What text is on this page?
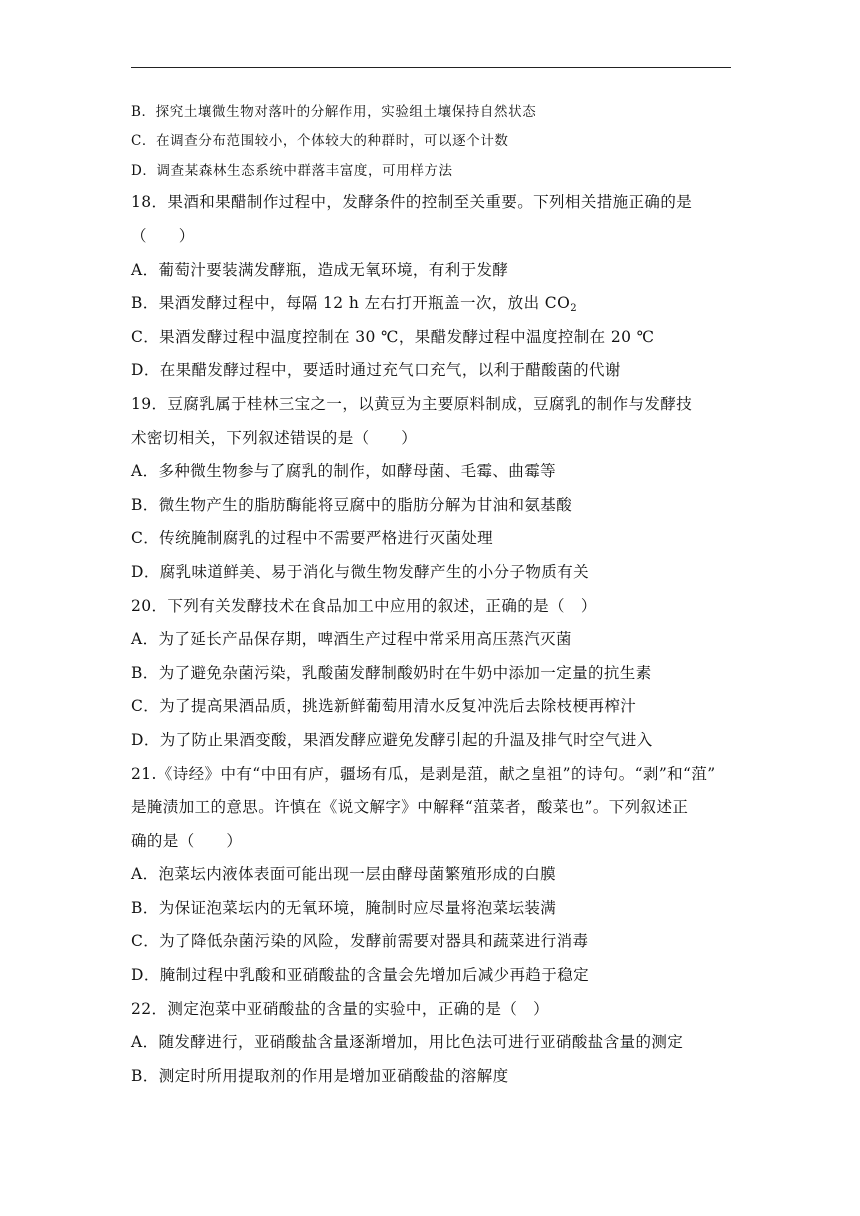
B．探究土壤微生物对落叶的分解作用，实验组土壤保持自然状态
C．在调查分布范围较小，个体较大的种群时，可以逐个计数
D．调查某森林生态系统中群落丰富度，可用样方法
18．果酒和果醋制作过程中，发酵条件的控制至关重要。下列相关措施正确的是
（　　）
A．葡萄汁要装满发酵瓶，造成无氧环境，有利于发酵
B．果酒发酵过程中，每隔 12 h 左右打开瓶盖一次，放出 $CO_2$
C．果酒发酵过程中温度控制在 30 ℃，果醋发酵过程中温度控制在 20 ℃
D．在果醋发酵过程中，要适时通过充气口充气，以利于醋酸菌的代谢
19．豆腐乳属于桂林三宝之一，以黄豆为主要原料制成，豆腐乳的制作与发酵技
术密切相关，下列叙述错误的是（　　）
A．多种微生物参与了腐乳的制作，如酵母菌、毛霉、曲霉等
B．微生物产生的脂肪酶能将豆腐中的脂肪分解为甘油和氨基酸
C．传统腌制腐乳的过程中不需要严格进行灭菌处理
D．腐乳味道鲜美、易于消化与微生物发酵产生的小分子物质有关
20．下列有关发酵技术在食品加工中应用的叙述，正确的是（　）
A．为了延长产品保存期，啤酒生产过程中常采用高压蒸汽灭菌
B．为了避免杂菌污染，乳酸菌发酵制酸奶时在牛奶中添加一定量的抗生素
C．为了提高果酒品质，挑选新鲜葡萄用清水反复冲洗后去除枝梗再榨汁
D．为了防止果酒变酸，果酒发酵应避免发酵引起的升温及排气时空气进入
21.《诗经》中有“中田有庐，疆场有瓜，是剥是菹，献之皇祖”的诗句。“剥”和“菹”
是腌渍加工的意思。许慎在《说文解字》中解释“菹菜者，酸菜也”。下列叙述正
确的是（　　）
A．泡菜坛内液体表面可能出现一层由酵母菌繁殖形成的白膜
B．为保证泡菜坛内的无氧环境，腌制时应尽量将泡菜坛装满
C．为了降低杂菌污染的风险，发酵前需要对器具和蔬菜进行消毒
D．腌制过程中乳酸和亚硝酸盐的含量会先增加后减少再趋于稳定
22．测定泡菜中亚硝酸盐的含量的实验中，正确的是（　）
A．随发酵进行，亚硝酸盐含量逐渐增加，用比色法可进行亚硝酸盐含量的测定
B．测定时所用提取剂的作用是增加亚硝酸盐的溶解度
